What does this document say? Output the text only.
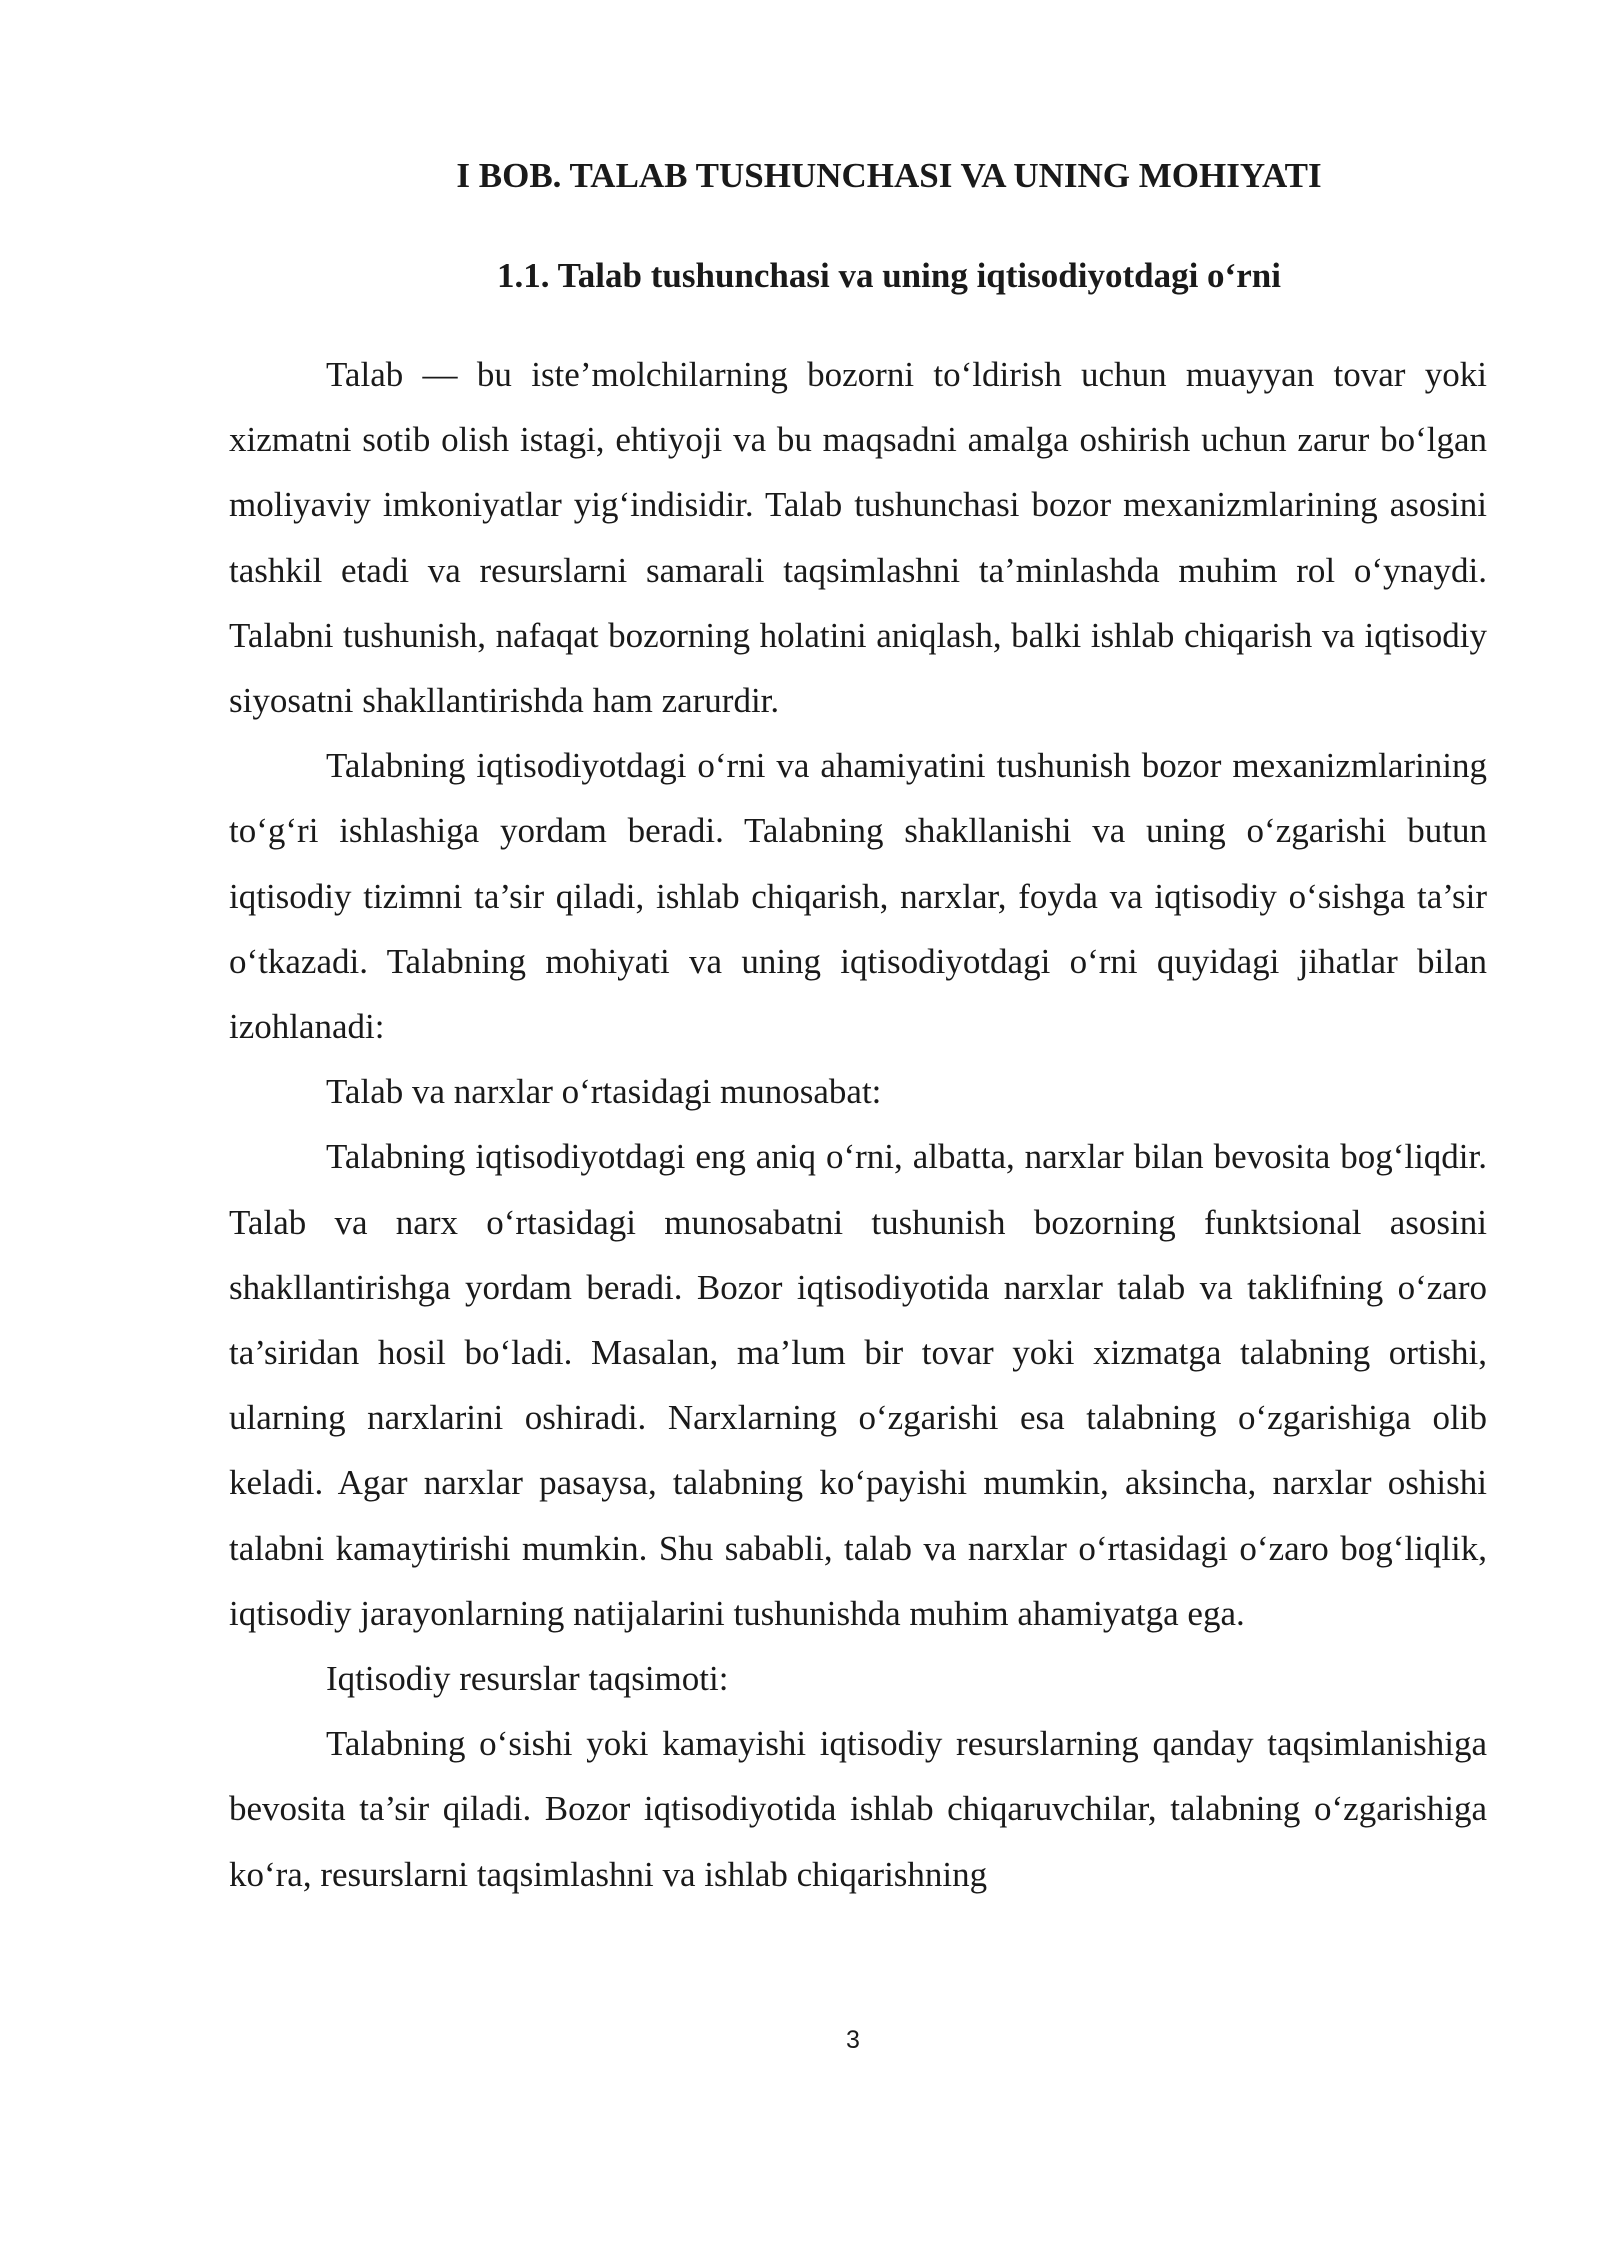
I BOB. TALAB TUSHUNCHASI VA UNING MOHIYATI
1.1. Talab tushunchasi va uning iqtisodiyotdagi o‘rni

Talab — bu iste’molchilarning bozorni to‘ldirish uchun muayyan tovar yoki xizmatni sotib olish istagi, ehtiyoji va bu maqsadni amalga oshirish uchun zarur bo‘lgan moliyaviy imkoniyatlar yig‘indisidir. Talab tushunchasi bozor mexanizmlarining asosini tashkil etadi va resurslarni samarali taqsimlashni ta’minlashda muhim rol o‘ynaydi. Talabni tushunish, nafaqat bozorning holatini aniqlash, balki ishlab chiqarish va iqtisodiy siyosatni shakllantirishda ham zarurdir.

Talabning iqtisodiyotdagi o‘rni va ahamiyatini tushunish bozor mexanizmlarining to‘g‘ri ishlashiga yordam beradi. Talabning shakllanishi va uning o‘zgarishi butun iqtisodiy tizimni ta’sir qiladi, ishlab chiqarish, narxlar, foyda va iqtisodiy o‘sishga ta’sir o‘tkazadi. Talabning mohiyati va uning iqtisodiyotdagi o‘rni quyidagi jihatlar bilan izohlanadi:

Talab va narxlar o‘rtasidagi munosabat:

Talabning iqtisodiyotdagi eng aniq o‘rni, albatta, narxlar bilan bevosita bog‘liqdir. Talab va narx o‘rtasidagi munosabatni tushunish bozorning funktsional asosini shakllantirishga yordam beradi. Bozor iqtisodiyotida narxlar talab va taklifning o‘zaro ta’siridan hosil bo‘ladi. Masalan, ma’lum bir tovar yoki xizmatga talabning ortishi, ularning narxlarini oshiradi. Narxlarning o‘zgarishi esa talabning o‘zgarishiga olib keladi. Agar narxlar pasaysa, talabning ko‘payishi mumkin, aksincha, narxlar oshishi talabni kamaytirishi mumkin. Shu sababli, talab va narxlar o‘rtasidagi o‘zaro bog‘liqlik, iqtisodiy jarayonlarning natijalarini tushunishda muhim ahamiyatga ega.

Iqtisodiy resurslar taqsimoti:

Talabning o‘sishi yoki kamayishi iqtisodiy resurslarning qanday taqsimlanishiga bevosita ta’sir qiladi. Bozor iqtisodiyotida ishlab chiqaruvchilar, talabning o‘zgarishiga ko‘ra, resurslarni taqsimlashni va ishlab chiqarishning

3
